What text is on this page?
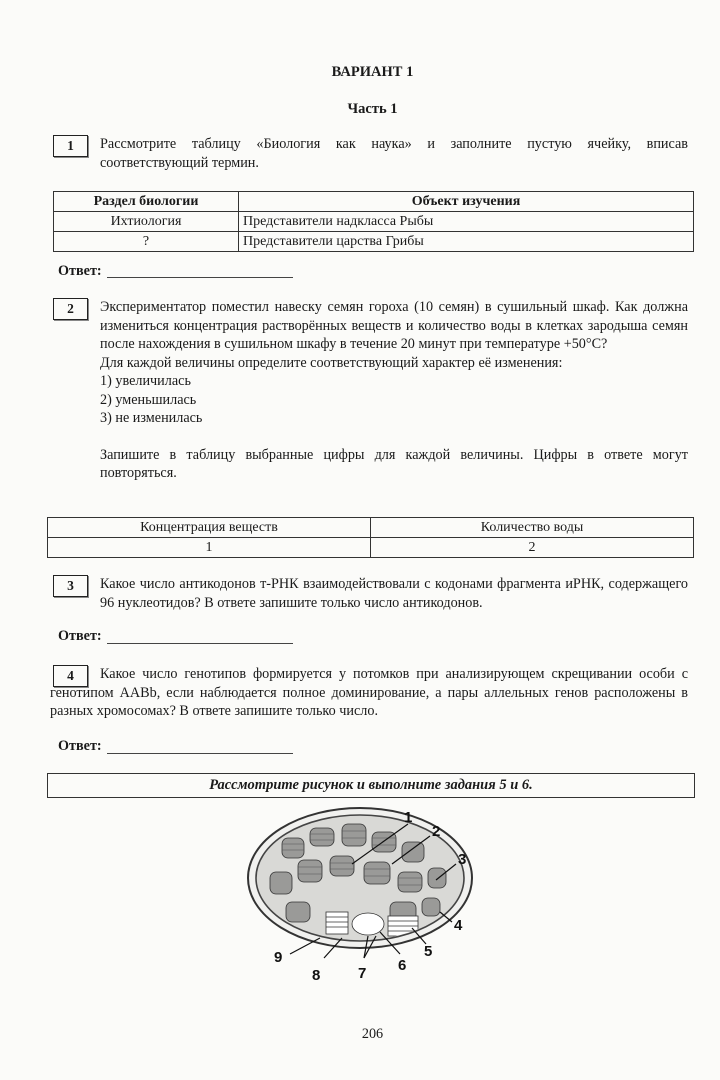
ВАРИАНТ 1
Часть 1
1	Рассмотрите таблицу «Биология как наука» и заполните пустую ячейку, вписав соответствующий термин.
Раздел биологии	Объект изучения
Ихтиология	Представители надкласса Рыбы
?	Представители царства Грибы
Ответ:
2	Экспериментатор поместил навеску семян гороха (10 семян) в сушильный шкаф. Как должна измениться концентрация растворённых веществ и количество воды в клетках зародыша семян после нахождения в сушильном шкафу в течение 20 минут при температуре +50°С?
Для каждой величины определите соответствующий характер её изменения:
1) увеличилась
2) уменьшилась
3) не изменилась
Запишите в таблицу выбранные цифры для каждой величины. Цифры в ответе могут повторяться.
Концентрация веществ	Количество воды
1	2
3	Какое число антикодонов т-РНК взаимодействовали с кодонами фрагмента иРНК, содержащего 96 нуклеотидов? В ответе запишите только число антикодонов.
Ответ:
4	Какое число генотипов формируется у потомков при анализирующем скрещивании особи с генотипом ААВb, если наблюдается полное доминирование, а пары аллельных генов расположены в разных хромосомах? В ответе запишите только число.
Ответ:
Рассмотрите рисунок и выполните задания 5 и 6.
1
2
3
4
5
6
7
8
9
206
